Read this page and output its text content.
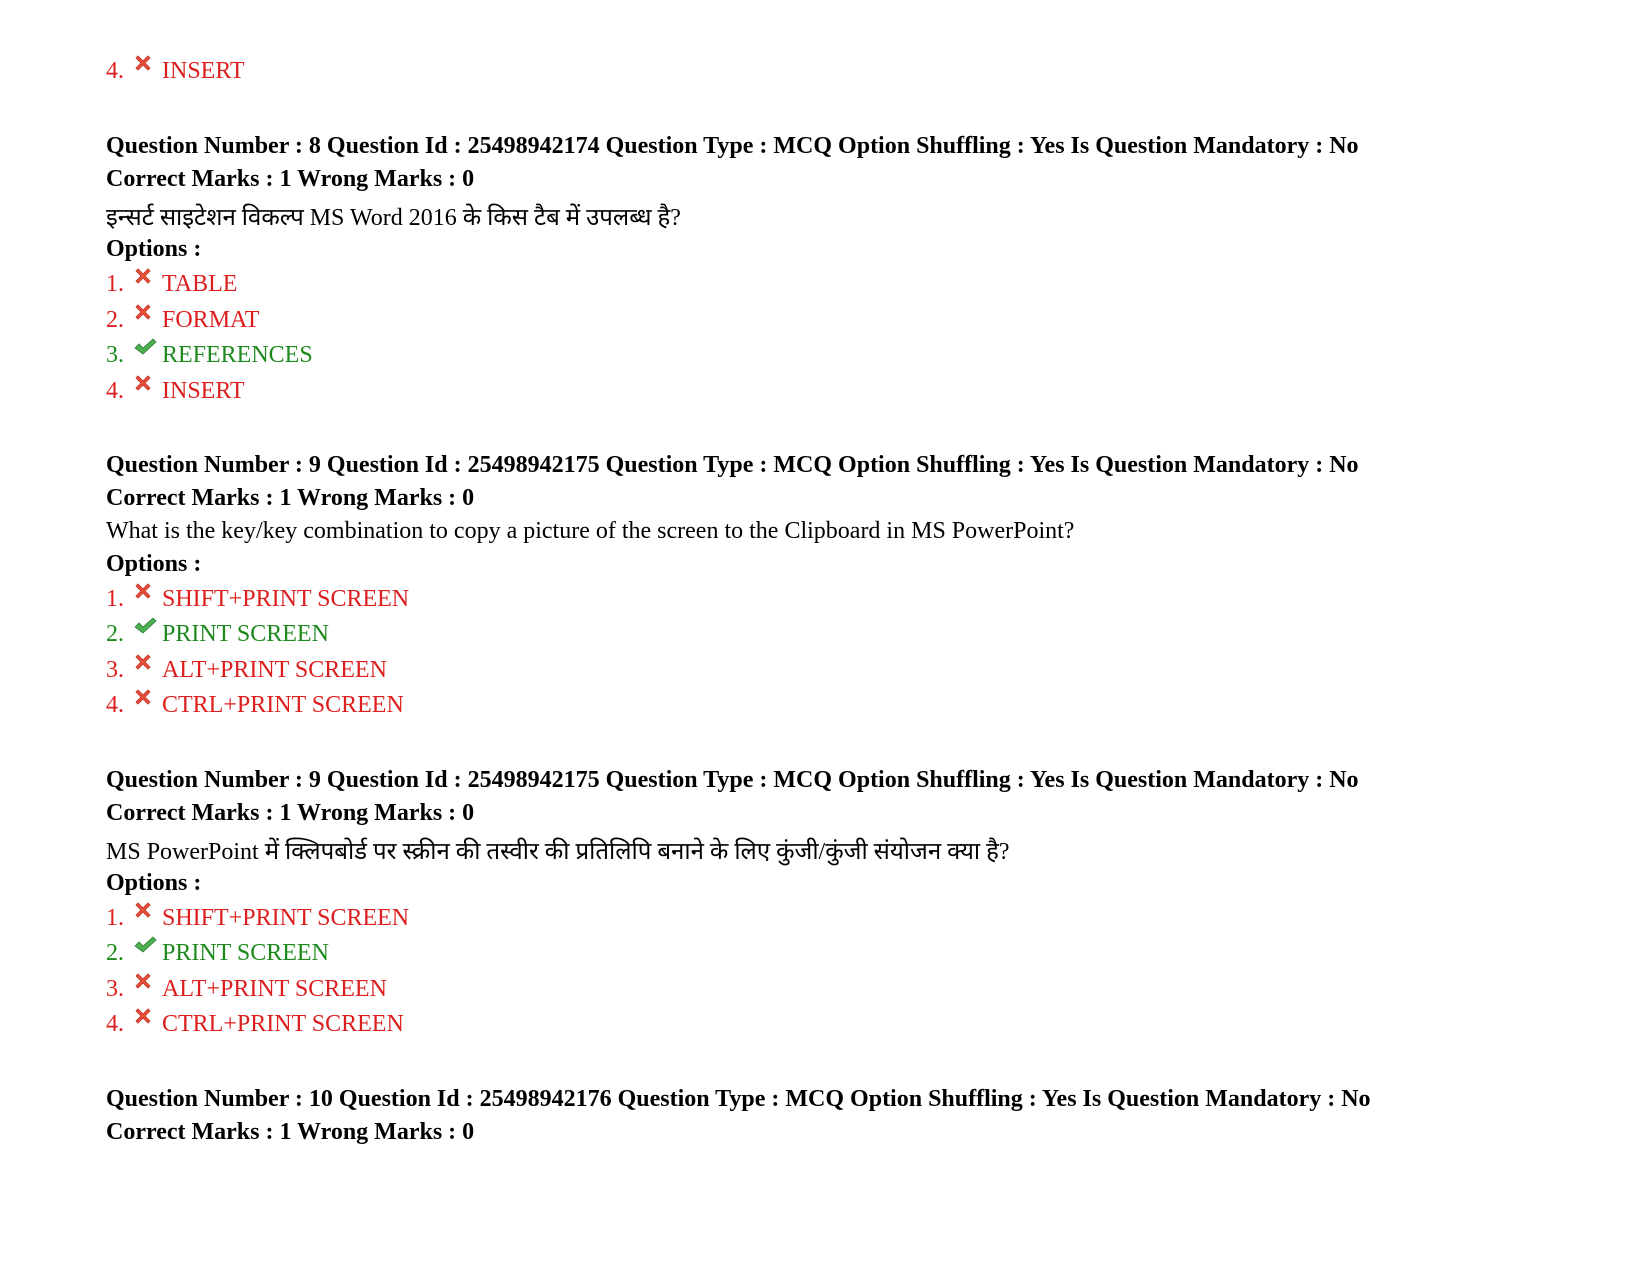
4.	INSERT
Question Number : 8 Question Id : 25498942174 Question Type : MCQ Option Shuffling : Yes Is Question Mandatory : No
Correct Marks : 1 Wrong Marks : 0
इन्सर्ट साइटेशन विकल्प MS Word 2016 के किस टैब में उपलब्ध है?
Options :
1.	TABLE
2.	FORMAT
3.	REFERENCES
4.	INSERT
Question Number : 9 Question Id : 25498942175 Question Type : MCQ Option Shuffling : Yes Is Question Mandatory : No
Correct Marks : 1 Wrong Marks : 0
What is the key/key combination to copy a picture of the screen to the Clipboard in MS PowerPoint?
Options :
1.	SHIFT+PRINT SCREEN
2.	PRINT SCREEN
3.	ALT+PRINT SCREEN
4.	CTRL+PRINT SCREEN
Question Number : 9 Question Id : 25498942175 Question Type : MCQ Option Shuffling : Yes Is Question Mandatory : No
Correct Marks : 1 Wrong Marks : 0
MS PowerPoint में क्लिपबोर्ड पर स्क्रीन की तस्वीर की प्रतिलिपि बनाने के लिए कुंजी/कुंजी संयोजन क्या है?
Options :
1.	SHIFT+PRINT SCREEN
2.	PRINT SCREEN
3.	ALT+PRINT SCREEN
4.	CTRL+PRINT SCREEN
Question Number : 10 Question Id : 25498942176 Question Type : MCQ Option Shuffling : Yes Is Question Mandatory : No
Correct Marks : 1 Wrong Marks : 0
